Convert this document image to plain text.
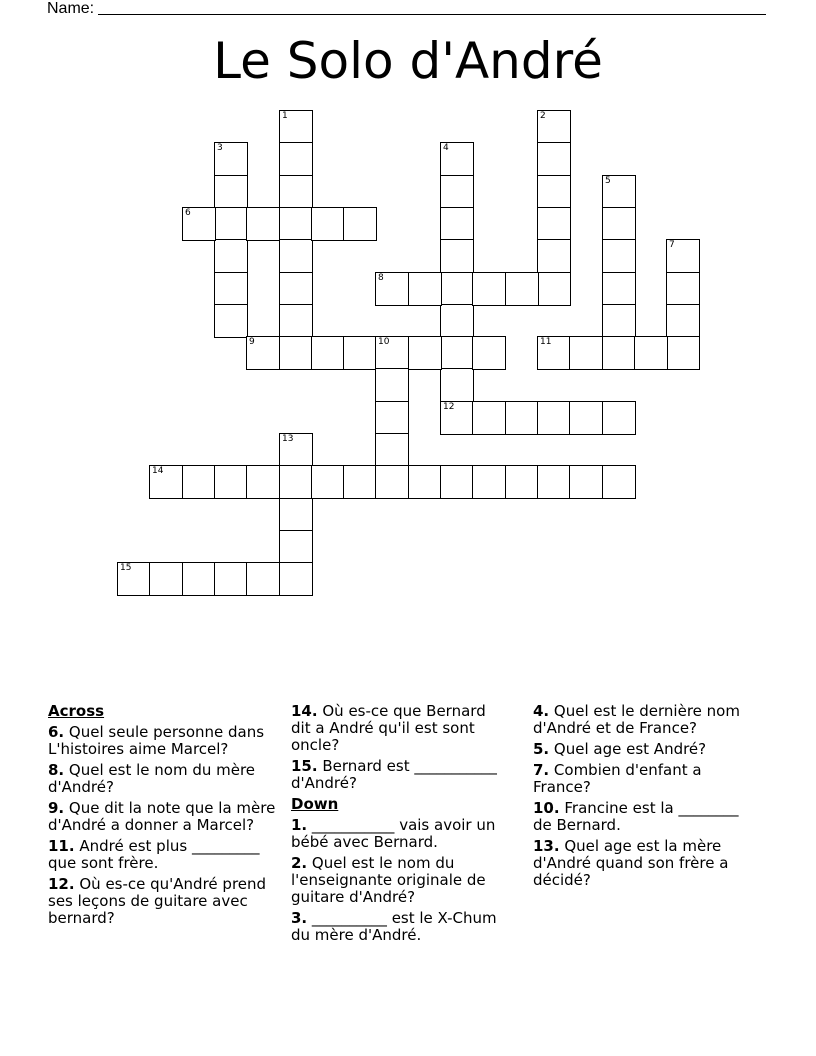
Name:
Le Solo d'André
1	2
3	4
12
5
6
7
8
9	10	11
13
14
15
Across
6. Quel seule personne dans L'histoires aime Marcel?
8. Quel est le nom du mère d'André?
9. Que dit la note que la mère d'André a donner a Marcel?
11. André est plus _________ que sont frère.
12. Où es-ce qu'André prend ses leçons de guitare avec bernard?
14. Où es-ce que Bernard dit a André qu'il est sont oncle?
15. Bernard est ___________ d'André?
Down
1. ___________ vais avoir un bébé avec Bernard.
2. Quel est le nom du l'enseignante originale de guitare d'André?
3. __________ est le X-Chum du mère d'André.
4. Quel est le dernière nom d'André et de France?
5. Quel age est André?
7. Combien d'enfant a France?
10. Francine est la ________ de Bernard.
13. Quel age est la mère d'André quand son frère a décidé?
